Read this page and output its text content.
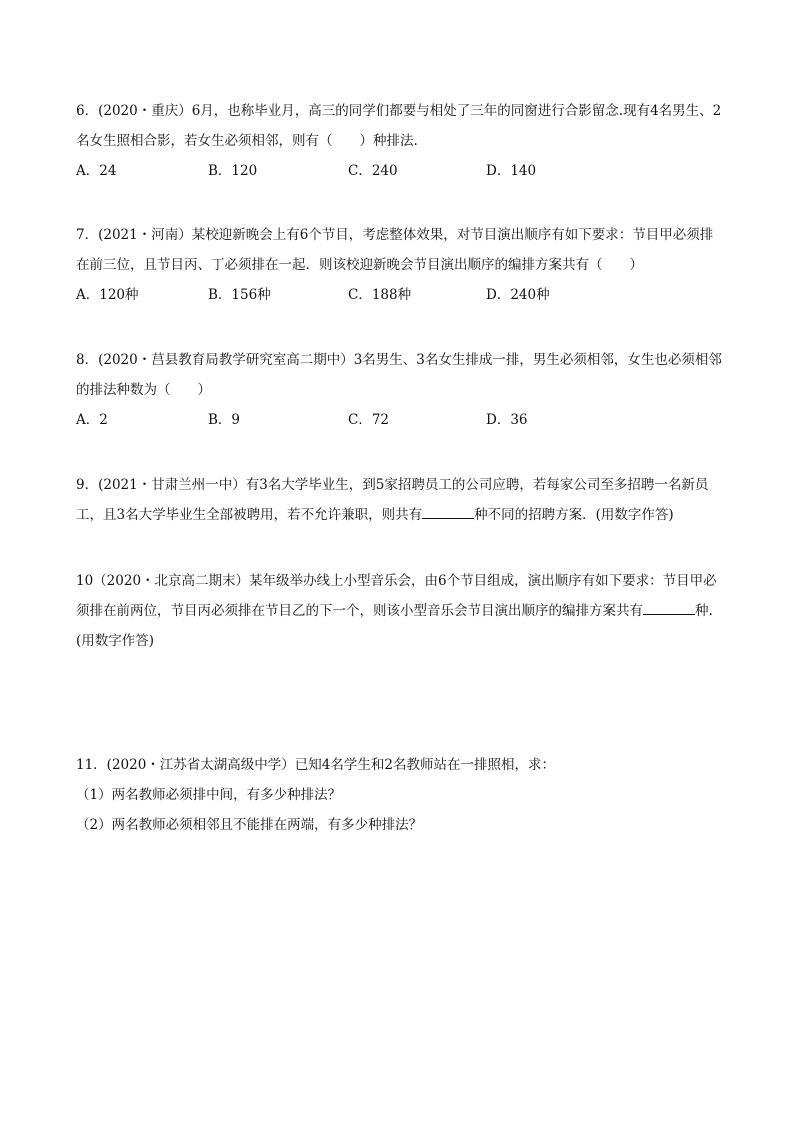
6．(2020・重庆）6月，也称毕业月，高三的同学们都要与相处了三年的同窗进行合影留念.现有4名男生、2名女生照相合影，若女生必须相邻，则有（　　）种排法.

A．24	B．120	C．240	D．140

7．(2021・河南）某校迎新晚会上有6个节目，考虑整体效果，对节目演出顺序有如下要求：节目甲必须排在前三位，且节目丙、丁必须排在一起．则该校迎新晚会节目演出顺序的编排方案共有（　　）

A．120种	B．156种	C．188种	D．240种

8．(2020・莒县教育局教学研究室高二期中）3名男生、3名女生排成一排，男生必须相邻，女生也必须相邻的排法种数为（　　）

A．2	B．9	C．72	D．36

9．(2021・甘肃兰州一中）有3名大学毕业生，到5家招聘员工的公司应聘，若每家公司至多招聘一名新员工，且3名大学毕业生全部被聘用，若不允许兼职，则共有	种不同的招聘方案．(用数字作答)

10（2020・北京高二期末）某年级举办线上小型音乐会，由6个节目组成，演出顺序有如下要求：节目甲必须排在前两位，节目丙必须排在节目乙的下一个，则该小型音乐会节目演出顺序的编排方案共有	种.(用数字作答)

11．(2020・江苏省太湖高级中学）已知4名学生和2名教师站在一排照相，求：

（1）两名教师必须排中间，有多少种排法？

（2）两名教师必须相邻且不能排在两端，有多少种排法？
